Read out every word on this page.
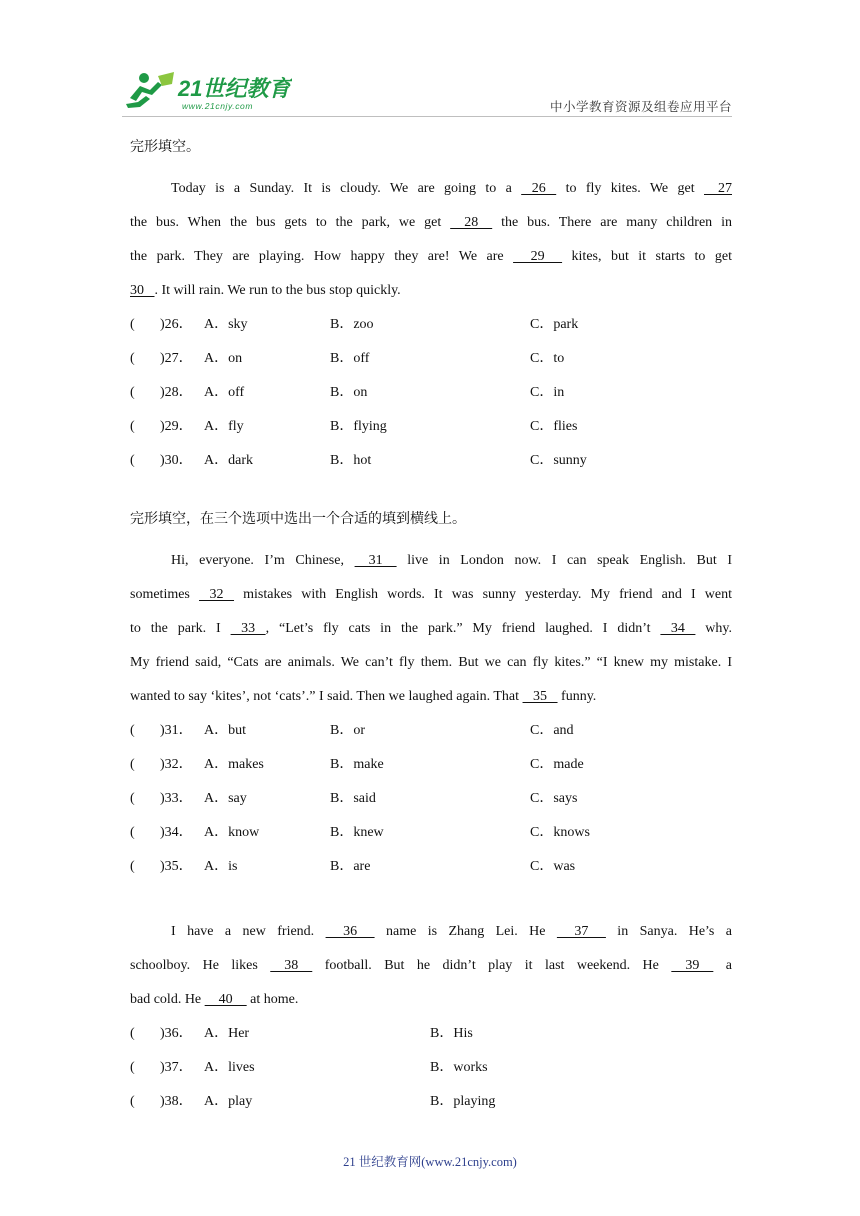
21世纪教育
www.21cnjy.com	中小学教育资源及组卷应用平台
完形填空。
Today is a Sunday. It is cloudy. We are going to a    26    to fly kites. We get     27
the bus. When the bus gets to the park, we get     28     the bus. There are many children in
the park. They are playing. How happy they are! We are      29      kites, but it starts to get
30   . It will rain. We run to the bus stop quickly.
( )26． A．sky	B．zoo	C．park
( )27． A．on	B．off	C．to
( )28． A．off	B．on	C．in
( )29． A．fly	B．flying	C．flies
( )30． A．dark	B．hot	C．sunny
完形填空，在三个选项中选出一个合适的填到横线上。
Hi, everyone. I’m Chinese,     31     live in London now. I can speak English. But I
sometimes    32    mistakes with English words. It was sunny yesterday. My friend and I went
to the park. I    33   , “Let’s fly cats in the park.” My friend laughed. I didn’t    34    why.
My friend said, “Cats are animals. We can’t fly them. But we can fly kites.” “I knew my mistake. I
wanted to say ‘kites’, not ‘cats’.” I said. Then we laughed again. That    35    funny.
( )31． A．but	B．or	C．and
( )32． A．makes	B．make	C．made
( )33． A．say	B．said	C．says
( )34． A．know	B．knew	C．knows
( )35． A．is	B．are	C．was
I have a new friend.      36      name is Zhang Lei. He      37      in Sanya. He’s a
schoolboy. He likes     38     football. But he didn’t play it last weekend. He     39     a
bad cold. He     40     at home.
( )36． A．Her	B．His
( )37． A．lives	B．works
( )38． A．play	B．playing
21 世纪教育网(www.21cnjy.com)
